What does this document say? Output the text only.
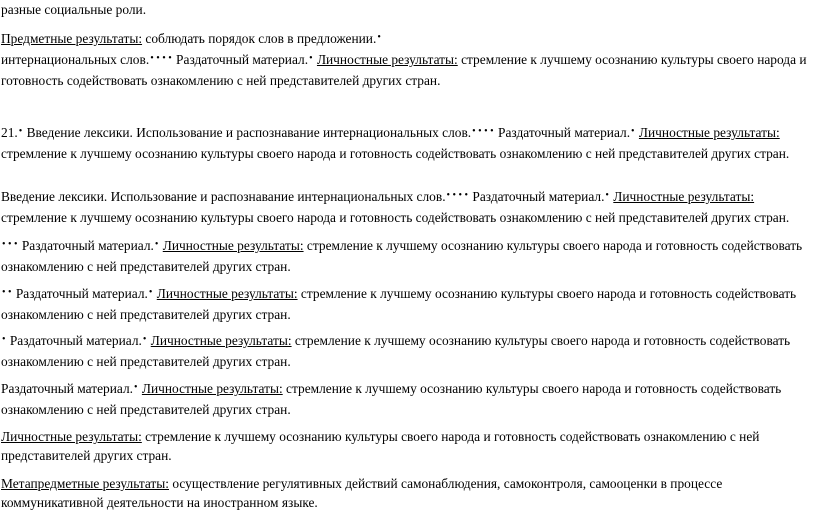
разные социальные роли.

Предметные результаты: соблюдать порядок слов в предложении.•
интернациональных слов.• • • • Раздаточный материал.• Личностные результаты: стремление к лучшему осознанию культуры своего народа и готовность содействовать ознакомлению с ней представителей других стран.

21.• Введение лексики. Использование и распознавание интернациональных слов.• • • • Раздаточный материал.• Личностные результаты: стремление к лучшему осознанию культуры своего народа и готовность содействовать ознакомлению с ней представителей других стран.

Введение лексики. Использование и распознавание интернациональных слов.• • • • Раздаточный материал.• Личностные результаты: стремление к лучшему осознанию культуры своего народа и готовность содействовать ознакомлению с ней представителей других стран.

• • • Раздаточный материал.• Личностные результаты: стремление к лучшему осознанию культуры своего народа и готовность содействовать ознакомлению с ней представителей других стран.

• • Раздаточный материал.• Личностные результаты: стремление к лучшему осознанию культуры своего народа и готовность содействовать ознакомлению с ней представителей других стран.

• Раздаточный материал.• Личностные результаты: стремление к лучшему осознанию культуры своего народа и готовность содействовать ознакомлению с ней представителей других стран.

Раздаточный материал.• Личностные результаты: стремление к лучшему осознанию культуры своего народа и готовность содействовать ознакомлению с ней представителей других стран.

Личностные результаты: стремление к лучшему осознанию культуры своего народа и готовность содействовать ознакомлению с ней представителей других стран.

Метапредметные результаты: осуществление регулятивных действий самонаблюдения, самоконтроля, самооценки в процессе коммуникативной деятельности на иностранном языке.
